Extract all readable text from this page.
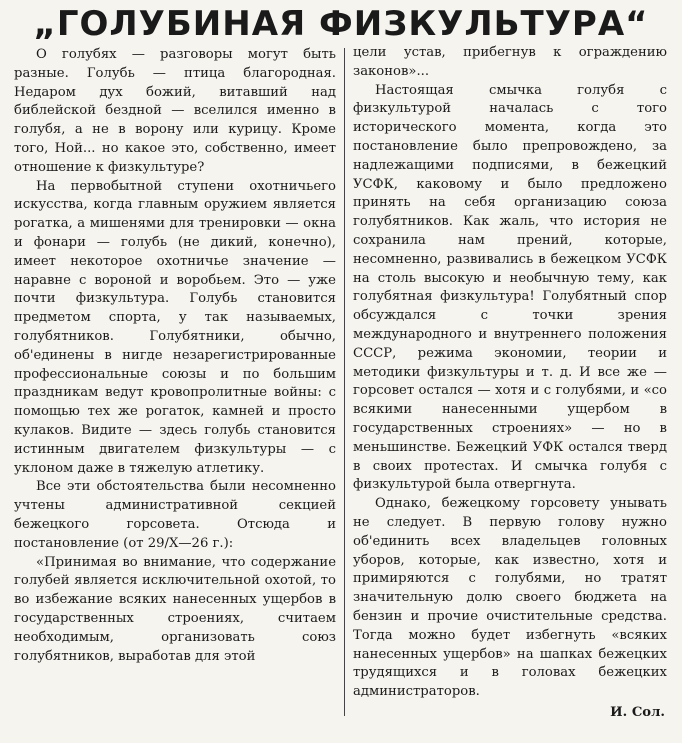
„ГОЛУБИНАЯ ФИЗКУЛЬТУРА“

О голубях — разговоры могут быть разные. Голубь — птица благородная. Недаром дух божий, витавший над библейской бездной — вселился именно в голубя, а не в ворону или курицу. Кроме того, Ной... но какое это, собственно, имеет отношение к физкультуре?

На первобытной ступени охотничьего искусства, когда главным оружием является рогатка, а мишенями для тренировки — окна и фонари — голубь (не дикий, конечно), имеет некоторое охотничье значение — наравне с вороной и воробьем. Это — уже почти физкультура. Голубь становится предметом спорта, у так называемых, голубятников. Голубятники, обычно, об'единены в нигде незарегистрированные профессиональные союзы и по большим праздникам ведут кровопролитные войны: с помощью тех же рогаток, камней и просто кулаков. Видите — здесь голубь становится истинным двигателем физкультуры — с уклоном даже в тяжелую атлетику.

Все эти обстоятельства были несомненно учтены административной секцией бежецкого горсовета. Отсюда и постановление (от 29/X—26 г.):

«Принимая во внимание, что содержание голубей является исключительной охотой, то во избежание всяких нанесенных ущербов в государственных строениях, считаем необходимым, организовать союз голубятников, выработав для этой

цели устав, прибегнув к ограждению законов»...

Настоящая смычка голубя с физкультурой началась с того исторического момента, когда это постановление было препровождено, за надлежащими подписями, в бежецкий УСФК, каковому и было предложено принять на себя организацию союза голубятников. Как жаль, что история не сохранила нам прений, которые, несомненно, развивались в бежецком УСФК на столь высокую и необычную тему, как голубятная физкультура! Голубятный спор обсуждался с точки зрения международного и внутреннего положения СССР, режима экономии, теории и методики физкультуры и т. д. И все же — горсовет остался — хотя и с голубями, и «со всякими нанесенными ущербом в государственных строениях» — но в меньшинстве. Бежецкий УФК остался тверд в своих протестах. И смычка голубя с физкультурой была отвергнута.

Однако, бежецкому горсовету унывать не следует. В первую голову нужно об'единить всех владельцев головных уборов, которые, как известно, хотя и примиряются с голубями, но тратят значительную долю своего бюджета на бензин и прочие очистительные средства. Тогда можно будет избегнуть «всяких нанесенных ущербов» на шапках бежецких трудящихся и в головах бежецких администраторов.

И. Сол.
